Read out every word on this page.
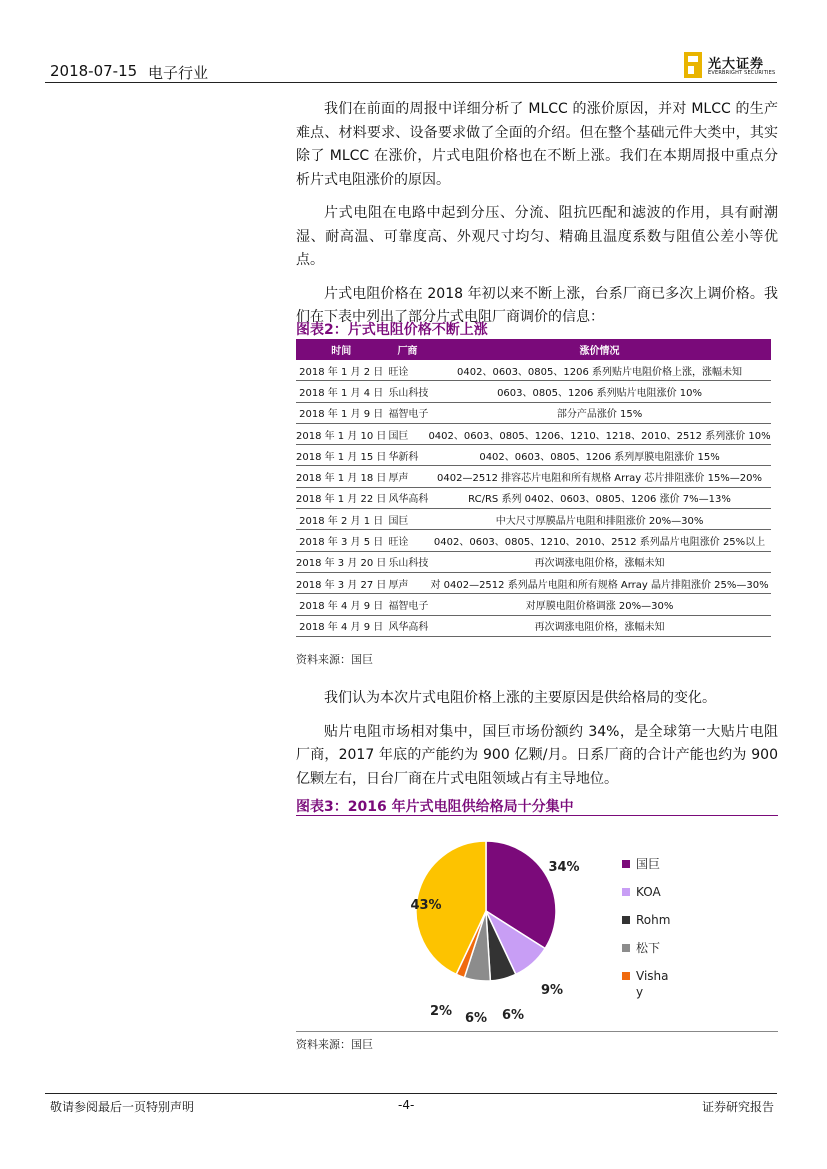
2018-07-15 电子行业	光大证券
EVERBRIGHT SECURITIES

我们在前面的周报中详细分析了 MLCC 的涨价原因，并对 MLCC 的生产难点、材料要求、设备要求做了全面的介绍。但在整个基础元件大类中，其实除了 MLCC 在涨价，片式电阻价格也在不断上涨。我们在本期周报中重点分析片式电阻涨价的原因。

片式电阻在电路中起到分压、分流、阻抗匹配和滤波的作用，具有耐潮湿、耐高温、可靠度高、外观尺寸均匀、精确且温度系数与阻值公差小等优点。

片式电阻价格在 2018 年初以来不断上涨，台系厂商已多次上调价格。我们在下表中列出了部分片式电阻厂商调价的信息：

图表2：片式电阻价格不断上涨
时间	厂商	涨价情况
2018 年 1 月 2 日	旺诠	0402、0603、0805、1206 系列贴片电阻价格上涨，涨幅未知
2018 年 1 月 4 日	乐山科技	0603、0805、1206 系列贴片电阻涨价 10%
2018 年 1 月 9 日	福智电子	部分产品涨价 15%
2018 年 1 月 10 日	国巨	0402、0603、0805、1206、1210、1218、2010、2512 系列涨价 10%
2018 年 1 月 15 日	华新科	0402、0603、0805、1206 系列厚膜电阻涨价 15%
2018 年 1 月 18 日	厚声	0402—2512 排容芯片电阻和所有规格 Array 芯片排阻涨价 15%—20%
2018 年 1 月 22 日	风华高科	RC/RS 系列 0402、0603、0805、1206 涨价 7%—13%
2018 年 2 月 1 日	国巨	中大尺寸厚膜晶片电阻和排阻涨价 20%—30%
2018 年 3 月 5 日	旺诠	0402、0603、0805、1210、2010、2512 系列晶片电阻涨价 25%以上
2018 年 3 月 20 日	乐山科技	再次调涨电阻价格，涨幅未知
2018 年 3 月 27 日	厚声	对 0402—2512 系列晶片电阻和所有规格 Array 晶片排阻涨价 25%—30%
2018 年 4 月 9 日	福智电子	对厚膜电阻价格调涨 20%—30%
2018 年 4 月 9 日	风华高科	再次调涨电阻价格，涨幅未知
资料来源：国巨

我们认为本次片式电阻价格上涨的主要原因是供给格局的变化。

贴片电阻市场相对集中，国巨市场份额约 34%，是全球第一大贴片电阻厂商，2017 年底的产能约为 900 亿颗/月。日系厂商的合计产能也约为 900 亿颗左右，日台厂商在片式电阻领域占有主导地位。

图表3：2016 年片式电阻供给格局十分集中
34%
9%
6%
6%
2%
43%
国巨
KOA
Rohm
松下
Visha
y
资料来源：国巨
敬请参阅最后一页特别声明	-4-	证券研究报告
